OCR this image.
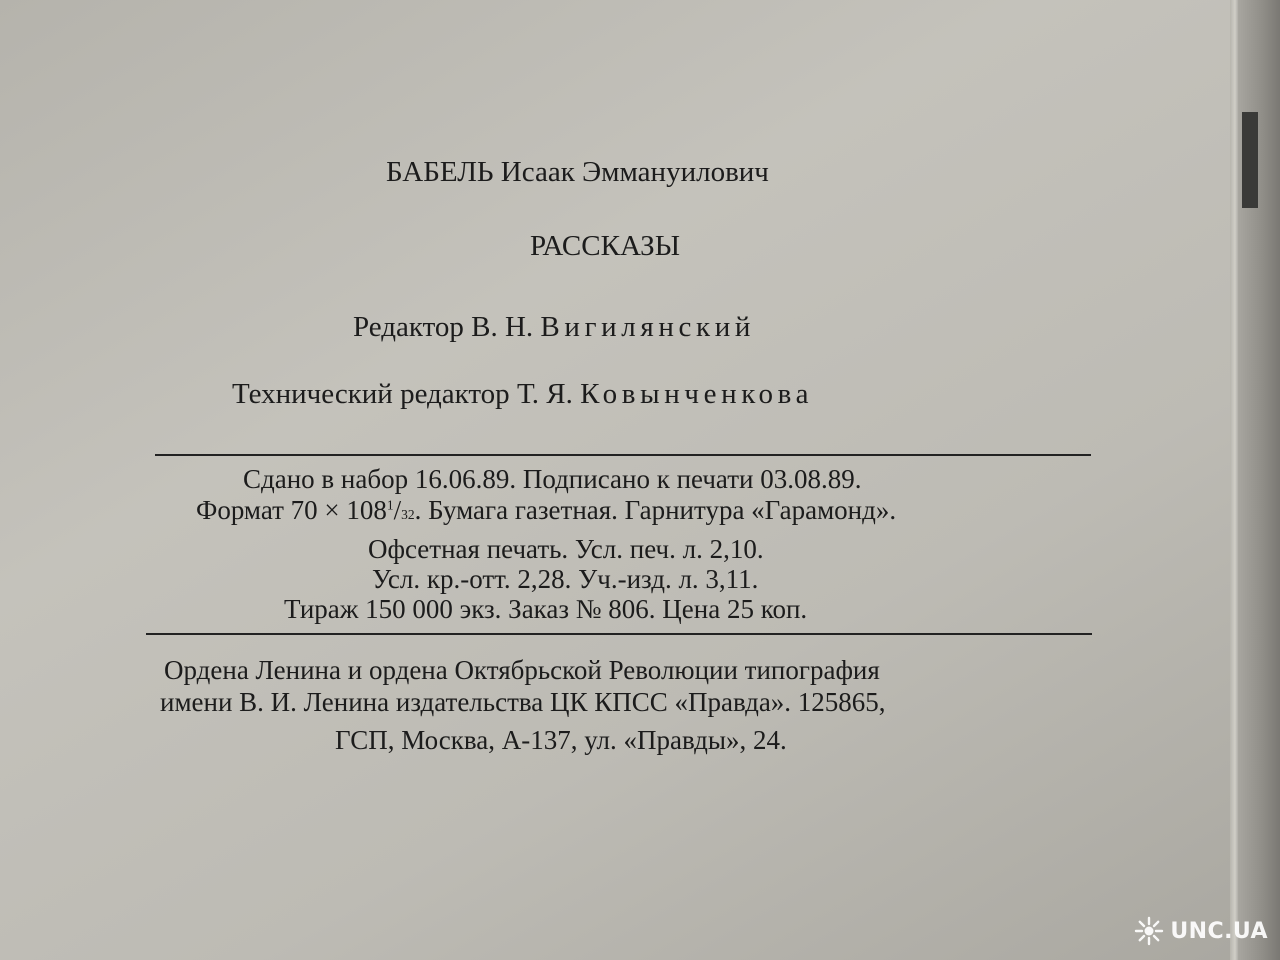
БАБЕЛЬ Исаак Эммануилович
РАССКАЗЫ
Редактор В. Н. Вигилянский
Технический редактор Т. Я. Ковынченкова
Сдано в набор 16.06.89. Подписано к печати 03.08.89.
Формат $70 \times 108^1/32$. Бумага газетная. Гарнитура «Гарамонд».
Офсетная печать. Усл. печ. л. 2,10.
Усл. кр.-отт. 2,28. Уч.-изд. л. 3,11.
Тираж 150 000 экз. Заказ № 806. Цена 25 коп.
Ордена Ленина и ордена Октябрьской Революции типография
имени В. И. Ленина издательства ЦК КПСС «Правда». 125865,
ГСП, Москва, А-137, ул. «Правды», 24.
UNC.UA
